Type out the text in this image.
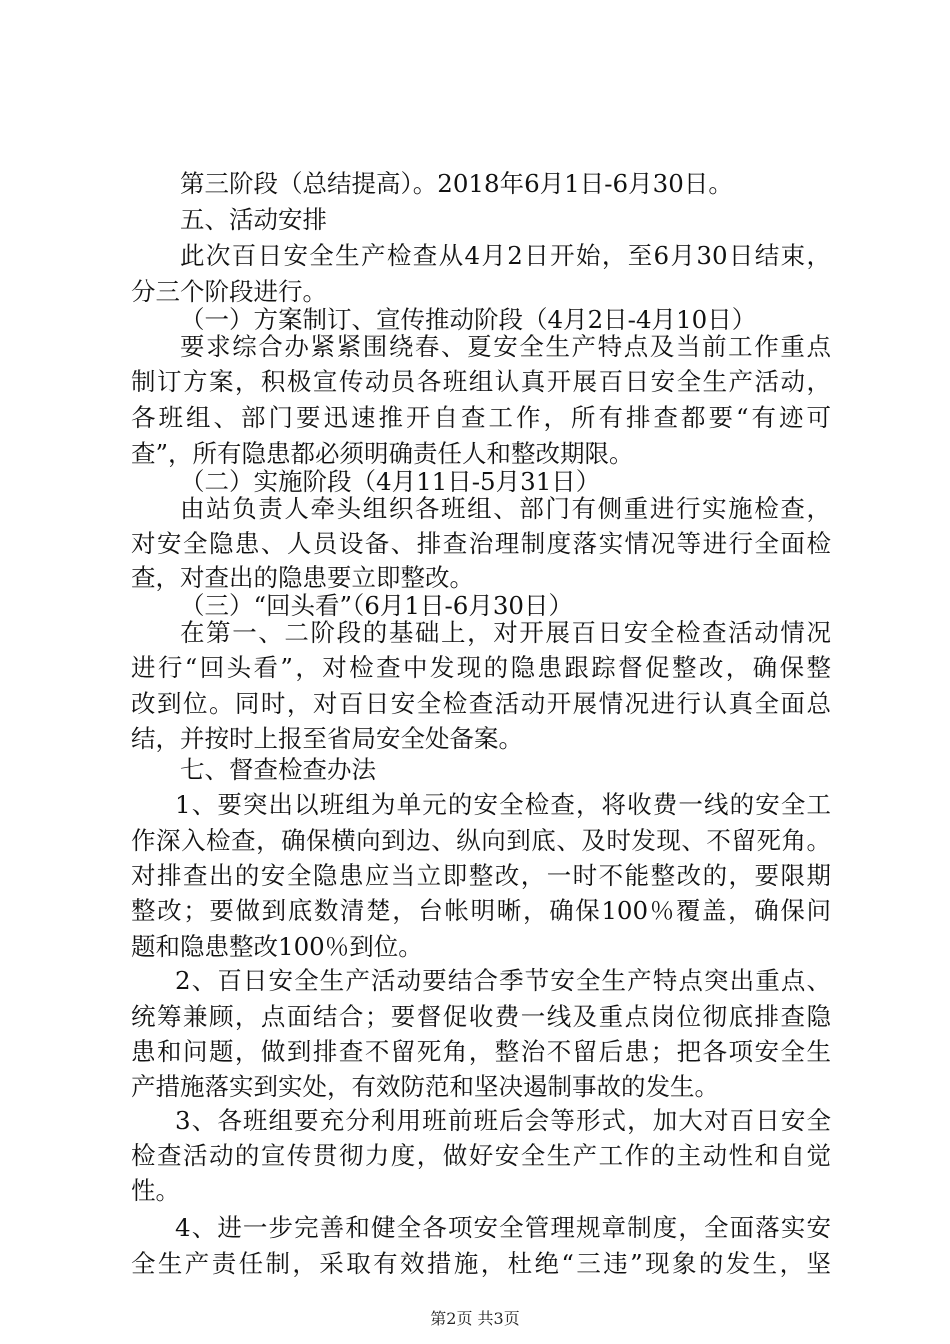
第三阶段（总结提高）。2018年6月1日-6月30日。
五、活动安排
此次百日安全生产检查从4月2日开始，至6月30日结束，
分三个阶段进行。
（一）方案制订、宣传推动阶段（4月2日-4月10日）
要求综合办紧紧围绕春、夏安全生产特点及当前工作重点
制订方案，积极宣传动员各班组认真开展百日安全生产活动，
各班组、部门要迅速推开自查工作，所有排查都要“有迹可
查”，所有隐患都必须明确责任人和整改期限。
（二）实施阶段（4月11日-5月31日）
由站负责人牵头组织各班组、部门有侧重进行实施检查，
对安全隐患、人员设备、排查治理制度落实情况等进行全面检
查，对查出的隐患要立即整改。
（三）“回头看”（6月1日-6月30日）
在第一、二阶段的基础上，对开展百日安全检查活动情况
进行“回头看”，对检查中发现的隐患跟踪督促整改，确保整
改到位。同时，对百日安全检查活动开展情况进行认真全面总
结，并按时上报至省局安全处备案。
七、督查检查办法
1、要突出以班组为单元的安全检查，将收费一线的安全工
作深入检查，确保横向到边、纵向到底、及时发现、不留死角。
对排查出的安全隐患应当立即整改，一时不能整改的，要限期
整改；要做到底数清楚，台帐明晰，确保100％覆盖，确保问
题和隐患整改100％到位。
2、百日安全生产活动要结合季节安全生产特点突出重点、
统筹兼顾，点面结合；要督促收费一线及重点岗位彻底排查隐
患和问题，做到排查不留死角，整治不留后患；把各项安全生
产措施落实到实处，有效防范和坚决遏制事故的发生。
3、各班组要充分利用班前班后会等形式，加大对百日安全
检查活动的宣传贯彻力度，做好安全生产工作的主动性和自觉
性。
4、进一步完善和健全各项安全管理规章制度，全面落实安
全生产责任制，采取有效措施，杜绝“三违”现象的发生，坚
第2页 共3页
